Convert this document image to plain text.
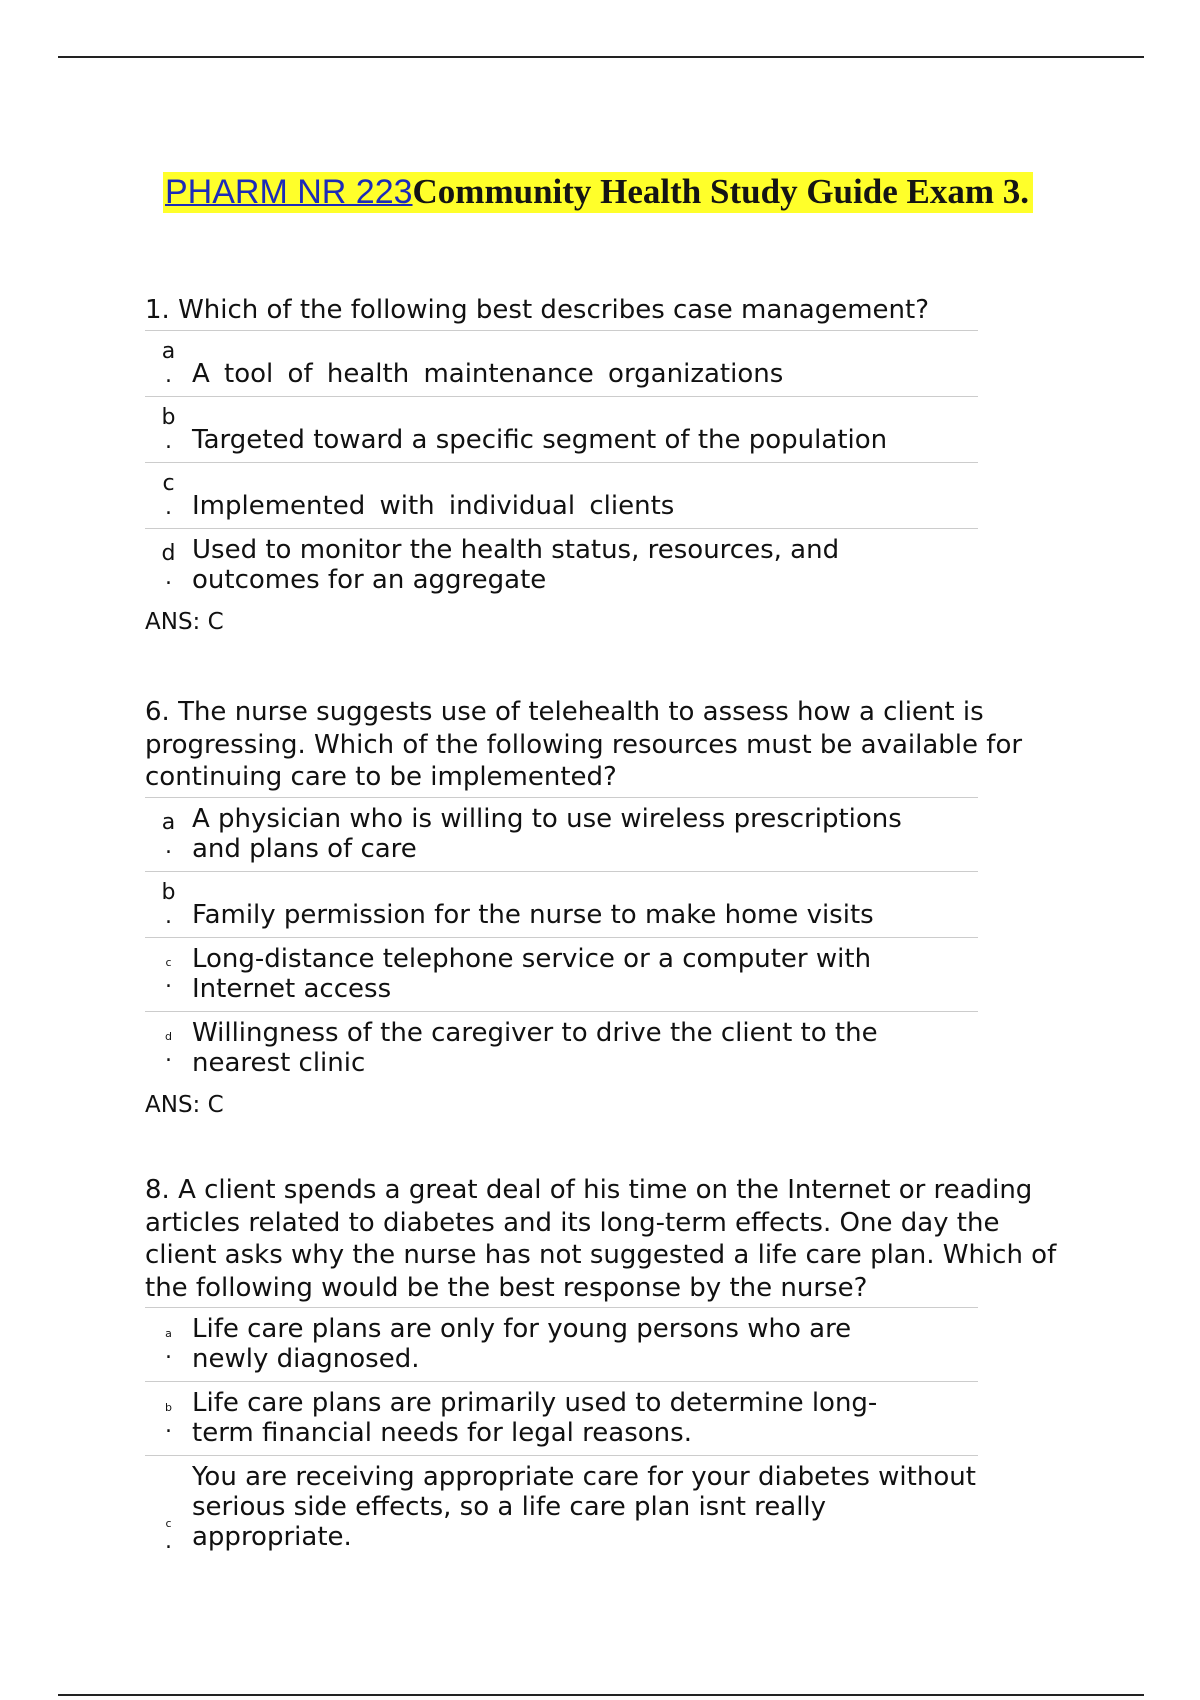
PHARM NR 223Community Health Study Guide Exam 3.
1. Which of the following best describes case management?
a
. A tool of health maintenance organizations
b
. Targeted toward a specific segment of the population
c
. Implemented with individual clients
d
.
Used to monitor the health status, resources, and outcomes for an aggregate
ANS: C
6. The nurse suggests use of telehealth to assess how a client is progressing. Which of the following resources must be available for continuing care to be implemented?
a
.
A physician who is willing to use wireless prescriptions and plans of care
b
. Family permission for the nurse to make home visits
c
.
Long-distance telephone service or a computer with Internet access
d
.
Willingness of the caregiver to drive the client to the nearest clinic
ANS: C
8. A client spends a great deal of his time on the Internet or reading articles related to diabetes and its long-term effects. One day the client asks why the nurse has not suggested a life care plan. Which of the following would be the best response by the nurse?
a
.
Life care plans are only for young persons who are newly diagnosed.
b
.
Life care plans are primarily used to determine long-term financial needs for legal reasons.
c
.
You are receiving appropriate care for your diabetes without serious side effects, so a life care plan isnt really appropriate.
